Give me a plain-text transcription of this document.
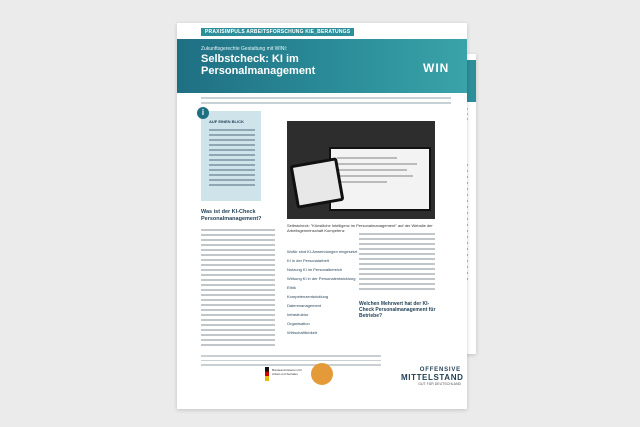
PRAXISIMPULS ARBEITSFORSCHUNG KIE_BERATUNGS
Zukunftsgerechte Gestaltung mit WINI:
Selbstcheck: KI im Personalmanagement	WIN
i
AUF EINEN BLICK
Selbstcheck: "Künstliche Intelligenz im Personalmanagement" auf der Website der Arbeitsgemeinschaft Kompetenz
Was ist der KI-Check Personalmanagement?
Wofür sind KI-Anwendungen eingesetzt
KI in der Personalarbeit
Nutzung KI im Personalbereich
Wirkung KI in der Personalentwicklung
Ethik
Kompetenzentwicklung
Datenmanagement
Infrastruktur
Organisation
Wirtschaftlichkeit
Welchen Mehrwert hat der KI-Check Personalmanagement für Betriebe?
Bundesministerium für Arbeit und Soziales
OFFENSIVE
MITTELSTAND
GUT FÜR DEUTSCHLAND
